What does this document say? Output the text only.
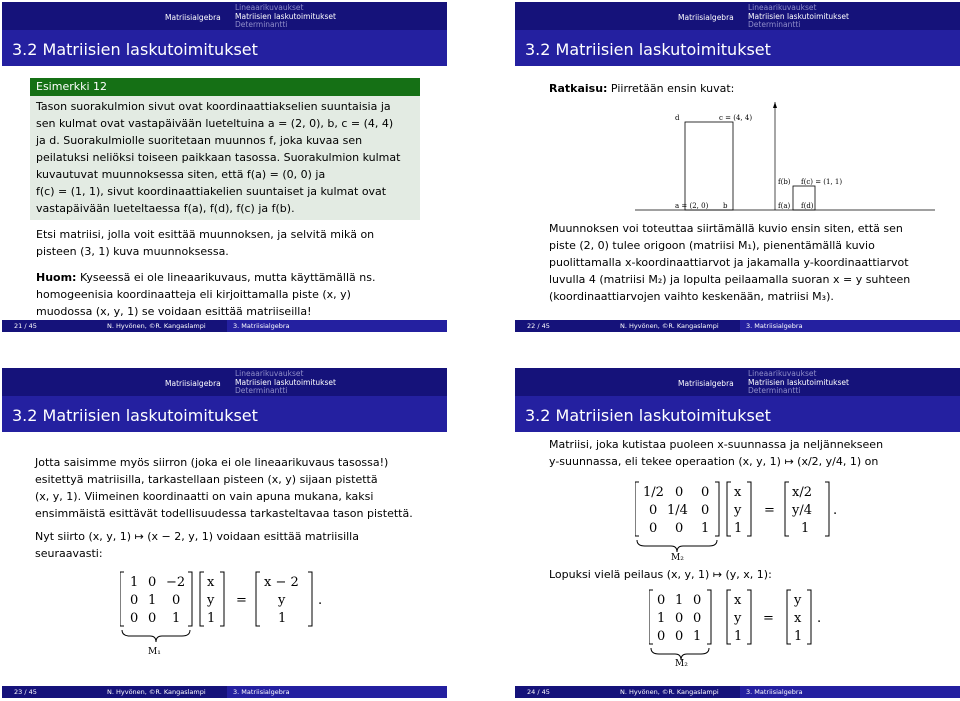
Matriisialgebra
Lineaarikuvaukset
Matriisien laskutoimitukset
Determinantti
3.2 Matriisien laskutoimitukset
Esimerkki 12
Tason suorakulmion sivut ovat koordinaattiakselien suuntaisia ja
sen kulmat ovat vastapäivään lueteltuina a = (2, 0), b, c = (4, 4)
ja d. Suorakulmiolle suoritetaan muunnos f, joka kuvaa sen
peilatuksi neliöksi toiseen paikkaan tasossa. Suorakulmion kulmat
kuvautuvat muunnoksessa siten, että f(a) = (0, 0) ja
f(c) = (1, 1), sivut koordinaattiakelien suuntaiset ja kulmat ovat
vastapäivään lueteltaessa f(a), f(d), f(c) ja f(b).
Etsi matriisi, jolla voit esittää muunnoksen, ja selvitä mikä on
pisteen (3, 1) kuva muunnoksessa.
Huom: Kyseessä ei ole lineaarikuvaus, mutta käyttämällä ns.
homogeenisia koordinaatteja eli kirjoittamalla piste (x, y)
muodossa (x, y, 1) se voidaan esittää matriiseilla!
21 / 45	N. Hyvönen, ©R. Kangaslampi	3. Matriisialgebra
Matriisialgebra
Lineaarikuvaukset
Matriisien laskutoimitukset
Determinantti
3.2 Matriisien laskutoimitukset
Ratkaisu: Piirretään ensin kuvat:
d	c = (4, 4)
a = (2, 0) b
f(b) f(c) = (1, 1)
f(a) f(d)
Muunnoksen voi toteuttaa siirtämällä kuvio ensin siten, että sen
piste (2, 0) tulee origoon (matriisi M₁), pienentämällä kuvio
puolittamalla x-koordinaattiarvot ja jakamalla y-koordinaattiarvot
luvulla 4 (matriisi M₂) ja lopulta peilaamalla suoran x = y suhteen
(koordinaattiarvojen vaihto keskenään, matriisi M₃).
22 / 45	N. Hyvönen, ©R. Kangaslampi	3. Matriisialgebra
Matriisialgebra
Lineaarikuvaukset
Matriisien laskutoimitukset
Determinantti
3.2 Matriisien laskutoimitukset
Jotta saisimme myös siirron (joka ei ole lineaarikuvaus tasossa!)
esitettyä matriisilla, tarkastellaan pisteen (x, y) sijaan pistettä
(x, y, 1). Viimeinen koordinaatti on vain apuna mukana, kaksi
ensimmäistä esittävät todellisuudessa tarkasteltavaa tason pistettä.
Nyt siirto (x, y, 1) ↦ (x − 2, y, 1) voidaan esittää matriisilla
seuraavasti:
1 0 −2
0 1 0
0 0 1
x
y
1
=
x − 2
y
1
.
M₁
23 / 45	N. Hyvönen, ©R. Kangaslampi	3. Matriisialgebra
Matriisialgebra
Lineaarikuvaukset
Matriisien laskutoimitukset
Determinantti
3.2 Matriisien laskutoimitukset
Matriisi, joka kutistaa puoleen x-suunnassa ja neljännekseen
y-suunnassa, eli tekee operaation (x, y, 1) ↦ (x/2, y/4, 1) on
1/2 0 0
0 1/4 0
0 0 1
x
y
1
=
x/2
y/4
1
.
M₂
Lopuksi vielä peilaus (x, y, 1) ↦ (y, x, 1):
0 1 0
1 0 0
0 0 1
x
y
1
=
y
x
1
.
M₂
24 / 45	N. Hyvönen, ©R. Kangaslampi	3. Matriisialgebra
